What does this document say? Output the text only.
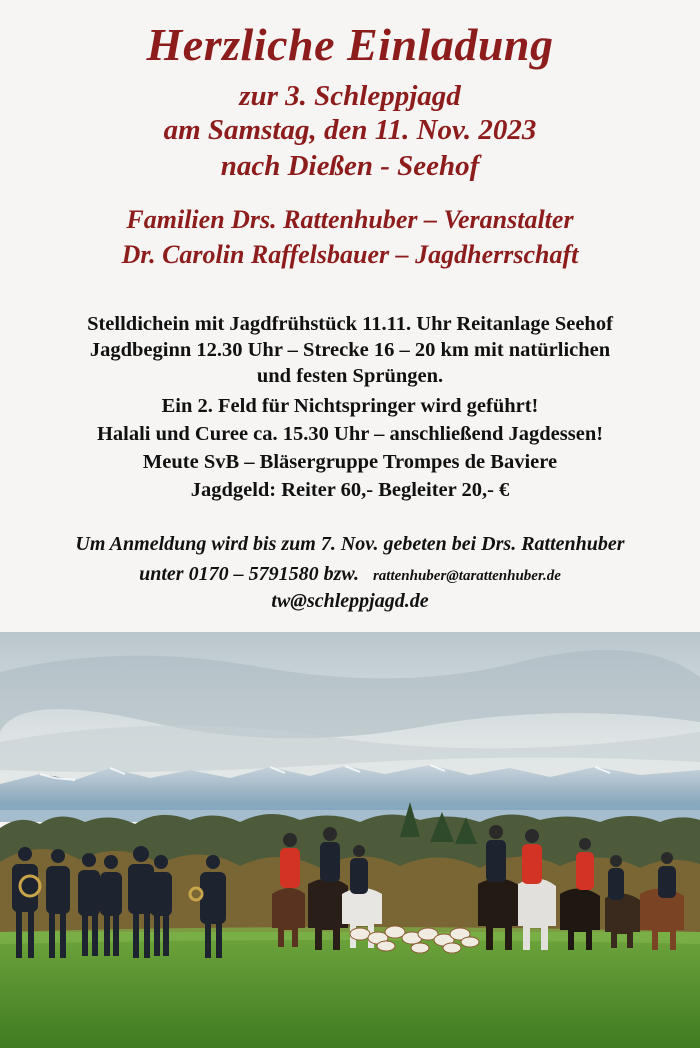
Herzliche Einladung
zur 3. Schleppjagd
am Samstag, den 11. Nov. 2023
nach Dießen - Seehof
Familien Drs. Rattenhuber – Veranstalter
Dr. Carolin Raffelsbauer – Jagdherrschaft
Stelldichein mit Jagdfrühstück 11.11. Uhr Reitanlage Seehof
Jagdbeginn 12.30 Uhr – Strecke 16 – 20 km mit natürlichen
und festen Sprüngen.
Ein 2. Feld für Nichtspringer wird geführt!
Halali und Curee ca. 15.30 Uhr – anschließend Jagdessen!
Meute SvB – Bläsergruppe Trompes de Baviere
Jagdgeld: Reiter 60,- Begleiter 20,- €
Um Anmeldung wird bis zum 7. Nov. gebeten bei Drs. Rattenhuber
unter 0170 – 5791580 bzw. rattenhuber@tarattenhuber.de
tw@schleppjagd.de
